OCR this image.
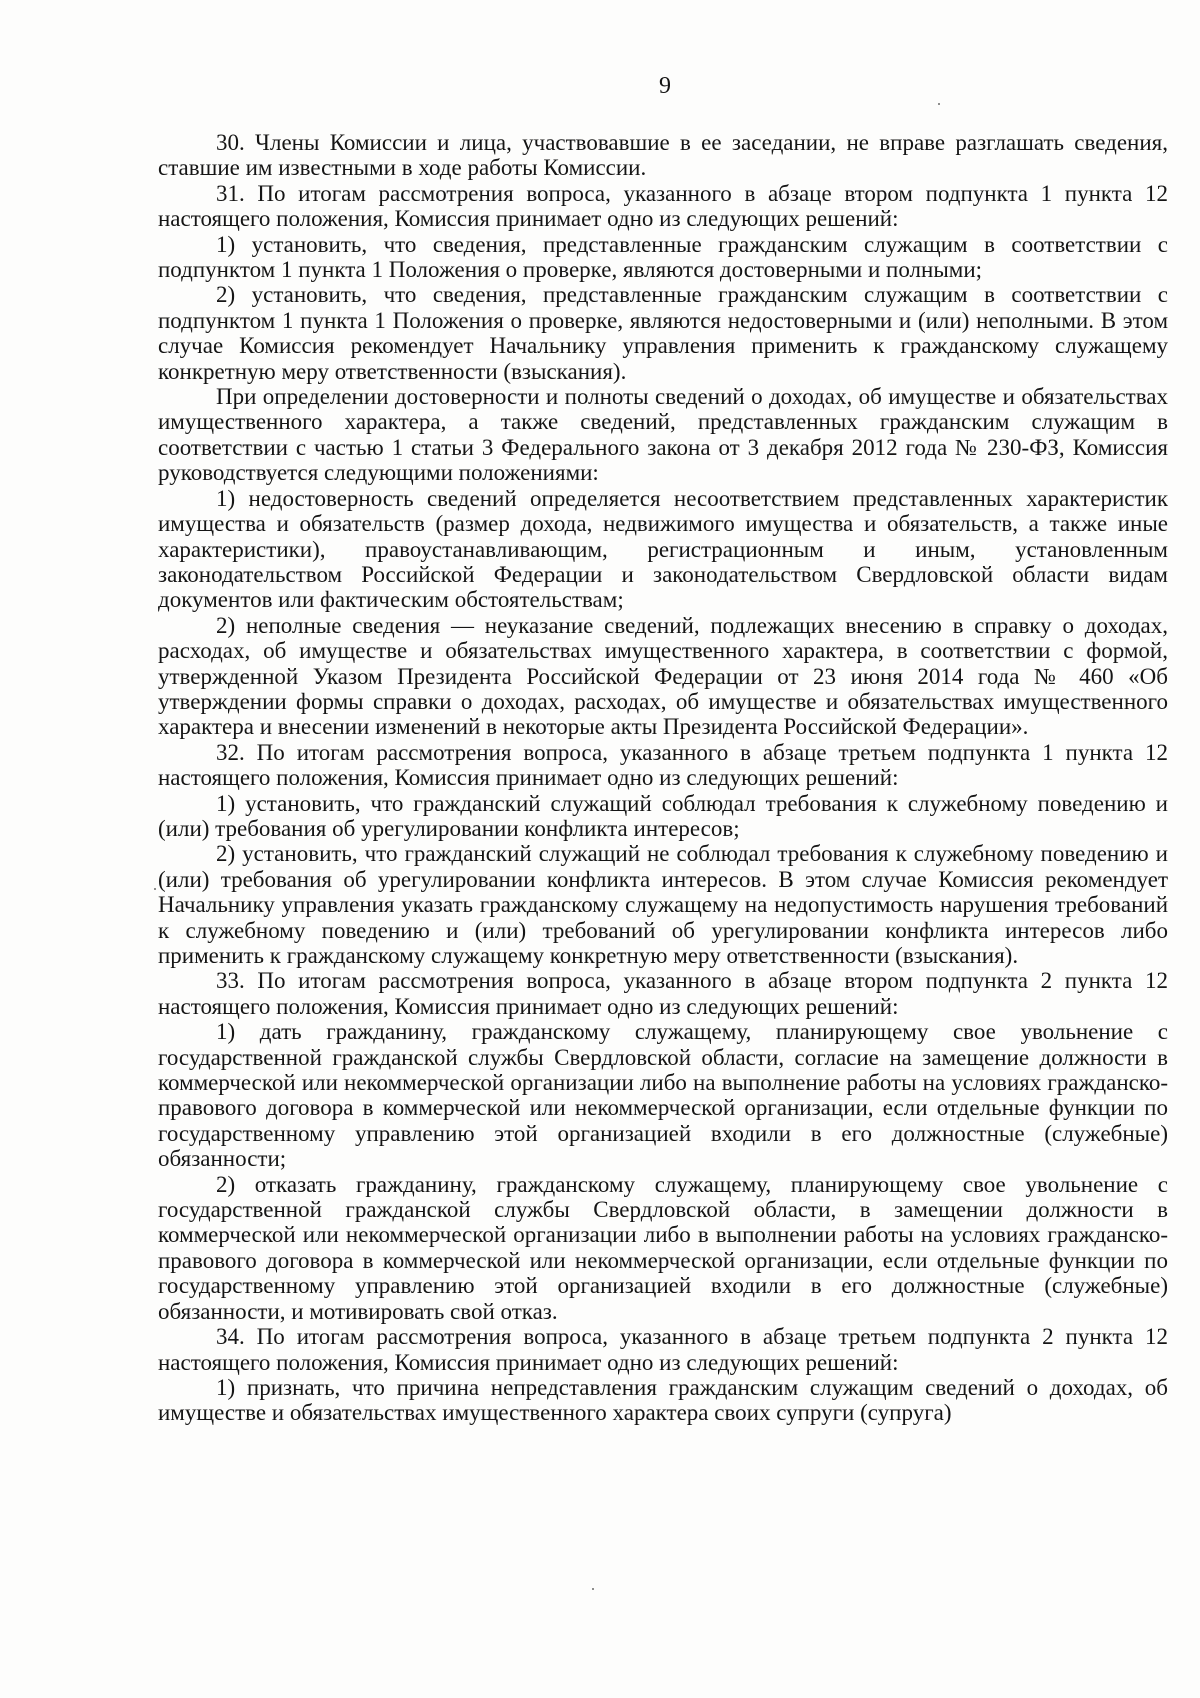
9

30. Члены Комиссии и лица, участвовавшие в ее заседании, не вправе разглашать сведения, ставшие им известными в ходе работы Комиссии.

31. По итогам рассмотрения вопроса, указанного в абзаце втором подпункта 1 пункта 12 настоящего положения, Комиссия принимает одно из следующих решений:

1) установить, что сведения, представленные гражданским служащим в соответствии с подпунктом 1 пункта 1 Положения о проверке, являются достоверными и полными;

2) установить, что сведения, представленные гражданским служащим в соответствии с подпунктом 1 пункта 1 Положения о проверке, являются недостоверными и (или) неполными. В этом случае Комиссия рекомендует Начальнику управления применить к гражданскому служащему конкретную меру ответственности (взыскания).

При определении достоверности и полноты сведений о доходах, об имуществе и обязательствах имущественного характера, а также сведений, представленных гражданским служащим в соответствии с частью 1 статьи 3 Федерального закона от 3 декабря 2012 года № 230-ФЗ, Комиссия руководствуется следующими положениями:

1) недостоверность сведений определяется несоответствием представленных характеристик имущества и обязательств (размер дохода, недвижимого имущества и обязательств, а также иные характеристики), правоустанавливающим, регистрационным и иным, установленным законодательством Российской Федерации и законодательством Свердловской области видам документов или фактическим обстоятельствам;

2) неполные сведения — неуказание сведений, подлежащих внесению в справку о доходах, расходах, об имуществе и обязательствах имущественного характера, в соответствии с формой, утвержденной Указом Президента Российской Федерации от 23 июня 2014 года № 460 «Об утверждении формы справки о доходах, расходах, об имуществе и обязательствах имущественного характера и внесении изменений в некоторые акты Президента Российской Федерации».

32. По итогам рассмотрения вопроса, указанного в абзаце третьем подпункта 1 пункта 12 настоящего положения, Комиссия принимает одно из следующих решений:

1) установить, что гражданский служащий соблюдал требования к служебному поведению и (или) требования об урегулировании конфликта интересов;

2) установить, что гражданский служащий не соблюдал требования к служебному поведению и (или) требования об урегулировании конфликта интересов. В этом случае Комиссия рекомендует Начальнику управления указать гражданскому служащему на недопустимость нарушения требований к служебному поведению и (или) требований об урегулировании конфликта интересов либо применить к гражданскому служащему конкретную меру ответственности (взыскания).

33. По итогам рассмотрения вопроса, указанного в абзаце втором подпункта 2 пункта 12 настоящего положения, Комиссия принимает одно из следующих решений:

1) дать гражданину, гражданскому служащему, планирующему свое увольнение с государственной гражданской службы Свердловской области, согласие на замещение должности в коммерческой или некоммерческой организации либо на выполнение работы на условиях гражданско-правового договора в коммерческой или некоммерческой организации, если отдельные функции по государственному управлению этой организацией входили в его должностные (служебные) обязанности;

2) отказать гражданину, гражданскому служащему, планирующему свое увольнение с государственной гражданской службы Свердловской области, в замещении должности в коммерческой или некоммерческой организации либо в выполнении работы на условиях гражданско-правового договора в коммерческой или некоммерческой организации, если отдельные функции по государственному управлению этой организацией входили в его должностные (служебные) обязанности, и мотивировать свой отказ.

34. По итогам рассмотрения вопроса, указанного в абзаце третьем подпункта 2 пункта 12 настоящего положения, Комиссия принимает одно из следующих решений:

1) признать, что причина непредставления гражданским служащим сведений о доходах, об имуществе и обязательствах имущественного характера своих супруги (супруга)
